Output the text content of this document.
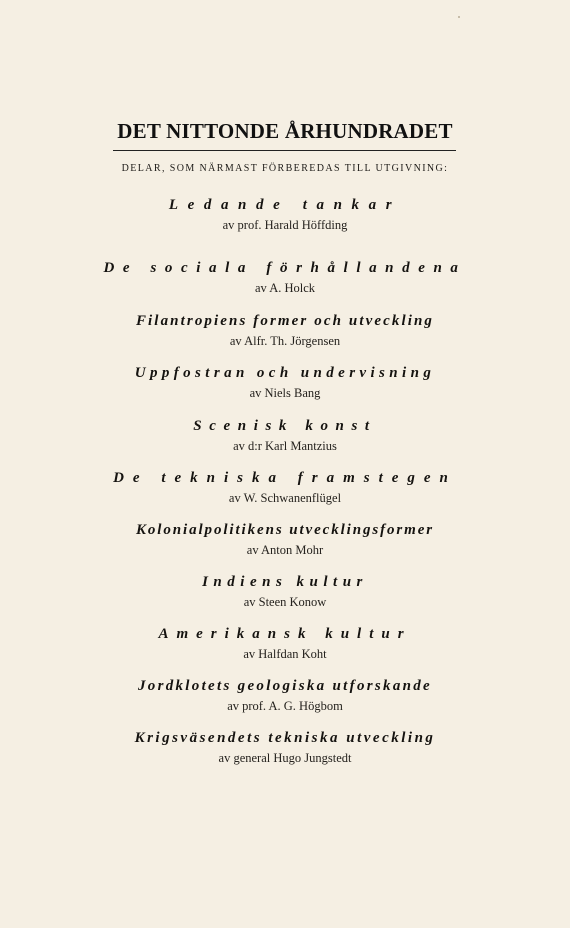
DET NITTONDE ÅRHUNDRADET
DELAR, SOM NÄRMAST FÖRBEREDAS TILL UTGIVNING:
Ledande tankar
av prof. Harald Höffding
De sociala förhållandena
av A. Holck
Filantropiens former och utveckling
av Alfr. Th. Jörgensen
Uppfostran och undervisning
av Niels Bang
Scenisk konst
av d:r Karl Mantzius
De tekniska framstegen
av W. Schwanenflügel
Kolonialpolitikens utvecklingsformer
av Anton Mohr
Indiens kultur
av Steen Konow
Amerikansk kultur
av Halfdan Koht
Jordklotets geologiska utforskande
av prof. A. G. Högbom
Krigsväsendets tekniska utveckling
av general Hugo Jungstedt
